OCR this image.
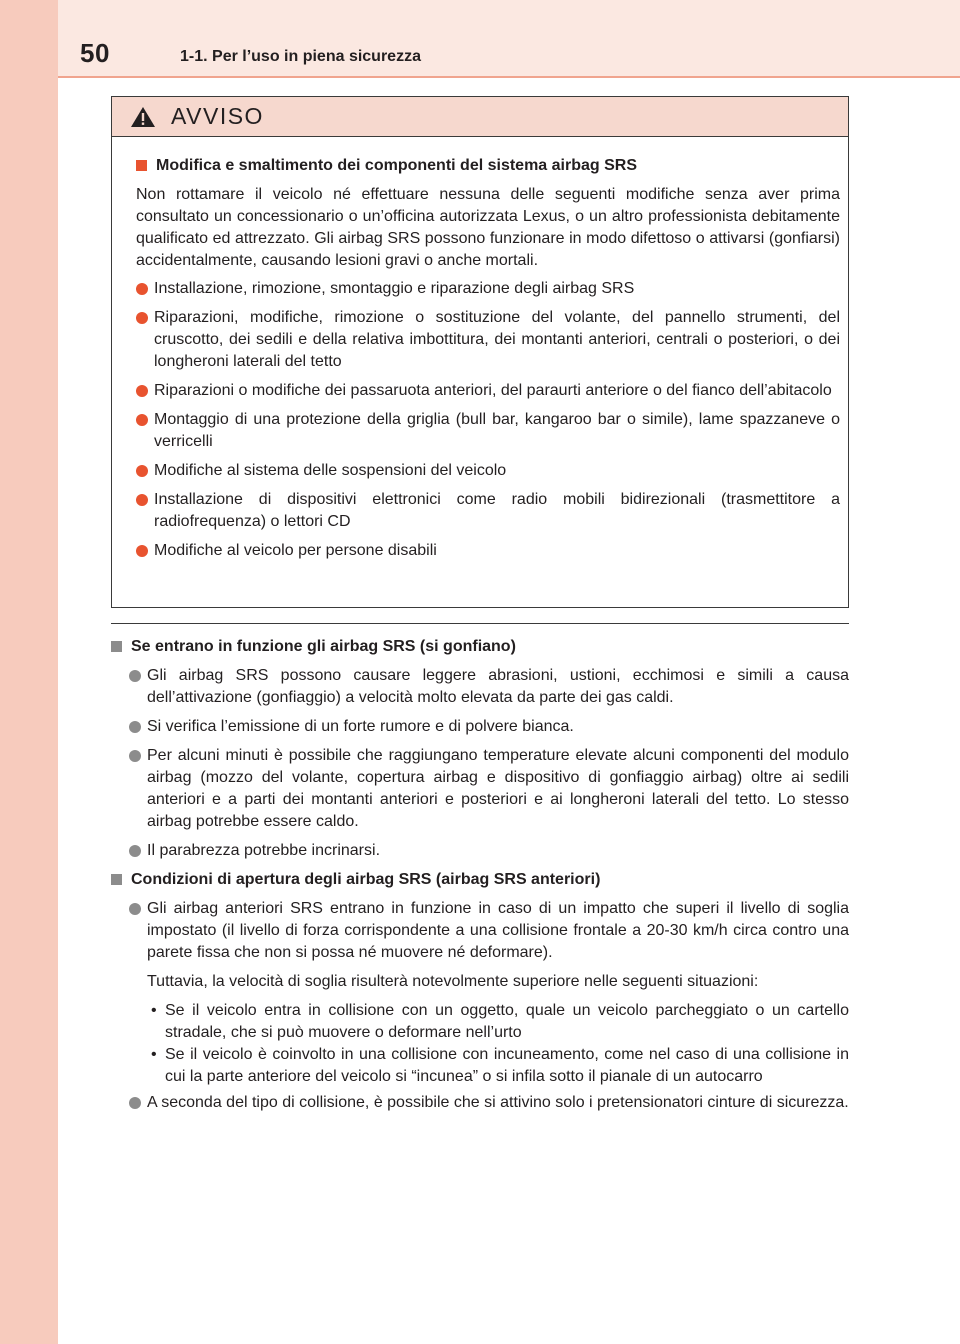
50	1-1. Per l’uso in piena sicurezza
AVVISO
Modifica e smaltimento dei componenti del sistema airbag SRS

Non rottamare il veicolo né effettuare nessuna delle seguenti modifiche senza aver prima consultato un concessionario o un’officina autorizzata Lexus, o un altro professionista debitamente qualificato ed attrezzato. Gli airbag SRS possono funzionare in modo difettoso o attivarsi (gonfiarsi) accidentalmente, causando lesioni gravi o anche mortali.

Installazione, rimozione, smontaggio e riparazione degli airbag SRS
Riparazioni, modifiche, rimozione o sostituzione del volante, del pannello strumenti, del cruscotto, dei sedili e della relativa imbottitura, dei montanti anteriori, centrali o posteriori, o dei longheroni laterali del tetto
Riparazioni o modifiche dei passaruota anteriori, del paraurti anteriore o del fianco dell’abitacolo
Montaggio di una protezione della griglia (bull bar, kangaroo bar o simile), lame spazzaneve o verricelli
Modifiche al sistema delle sospensioni del veicolo
Installazione di dispositivi elettronici come radio mobili bidirezionali (trasmettitore a radiofrequenza) o lettori CD
Modifiche al veicolo per persone disabili
Se entrano in funzione gli airbag SRS (si gonfiano)
Gli airbag SRS possono causare leggere abrasioni, ustioni, ecchimosi e simili a causa dell’attivazione (gonfiaggio) a velocità molto elevata da parte dei gas caldi.
Si verifica l’emissione di un forte rumore e di polvere bianca.
Per alcuni minuti è possibile che raggiungano temperature elevate alcuni componenti del modulo airbag (mozzo del volante, copertura airbag e dispositivo di gonfiaggio airbag) oltre ai sedili anteriori e a parti dei montanti anteriori e posteriori e ai longheroni laterali del tetto. Lo stesso airbag potrebbe essere caldo.
Il parabrezza potrebbe incrinarsi.
Condizioni di apertura degli airbag SRS (airbag SRS anteriori)
Gli airbag anteriori SRS entrano in funzione in caso di un impatto che superi il livello di soglia impostato (il livello di forza corrispondente a una collisione frontale a 20-30 km/h circa contro una parete fissa che non si possa né muovere né deformare).

Tuttavia, la velocità di soglia risulterà notevolmente superiore nelle seguenti situazioni:

• Se il veicolo entra in collisione con un oggetto, quale un veicolo parcheggiato o un cartello stradale, che si può muovere o deformare nell’urto
• Se il veicolo è coinvolto in una collisione con incuneamento, come nel caso di una collisione in cui la parte anteriore del veicolo si “incunea” o si infila sotto il pianale di un autocarro
A seconda del tipo di collisione, è possibile che si attivino solo i pretensionatori cinture di sicurezza.
